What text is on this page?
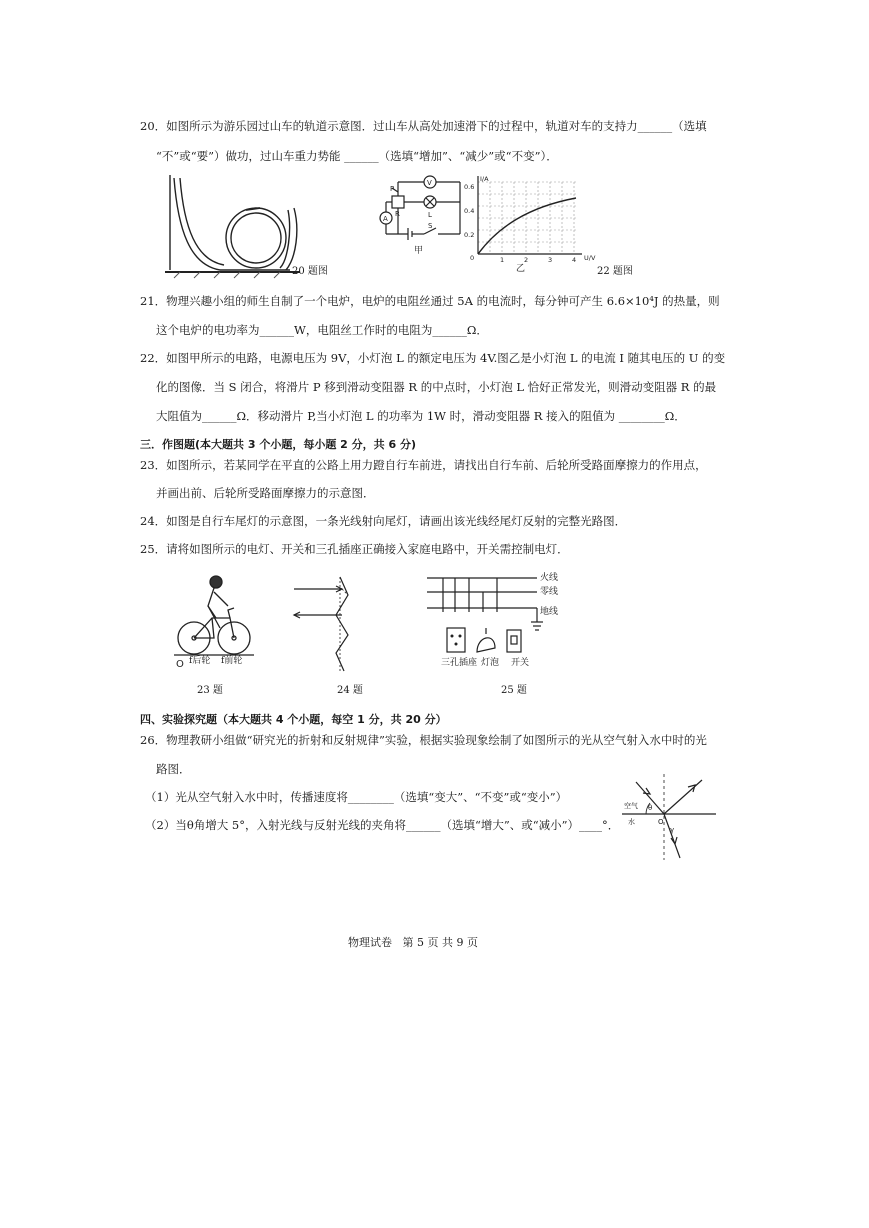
20．如图所示为游乐园过山车的轨道示意图．过山车从高处加速滑下的过程中，轨道对车的支持力______（选填
“不”或“要”）做功，过山车重力势能 ______（选填“增加”、“减少”或“不变”）．
20 题图
P
R
V
L
A
S
甲
I/A
U/V
0.6
0.4
0.2
0	1	2	3	4
乙	22 题图
21．物理兴趣小组的师生自制了一个电炉，电炉的电阻丝通过 5A 的电流时，每分钟可产生 6.6×10⁴J 的热量，则
这个电炉的电功率为______W，电阻丝工作时的电阻为______Ω．
22．如图甲所示的电路，电源电压为 9V，小灯泡 L 的额定电压为 4V.图乙是小灯泡 L 的电流 I 随其电压的 U 的变
化的图像．当 S 闭合，将滑片 P 移到滑动变阻器 R 的中点时，小灯泡 L 恰好正常发光，则滑动变阻器 R 的最
大阻值为______Ω．移动滑片 P,当小灯泡 L 的功率为 1W 时，滑动变阻器 R 接入的阻值为 ________Ω．
三．作图题(本大题共 3 个小题，每小题 2 分，共 6 分)
23．如图所示，若某同学在平直的公路上用力蹬自行车前进，请找出自行车前、后轮所受路面摩擦力的作用点，
并画出前、后轮所受路面摩擦力的示意图．
24．如图是自行车尾灯的示意图，一条光线射向尾灯，请画出该光线经尾灯反射的完整光路图．
25．请将如图所示的电灯、开关和三孔插座正确接入家庭电路中，开关需控制电灯．
O f后轮 f前轮
23 题	24 题
火线
零线
地线
三孔插座 灯泡 开关
25 题
四、实验探究题（本大题共 4 个小题，每空 1 分，共 20 分）
26．物理教研小组做“研究光的折射和反射规律”实验，根据实验现象绘制了如图所示的光从空气射入水中时的光
路图．
（1）光从空气射入水中时，传播速度将________（选填“变大”、“不变”或“变小”）
（2）当θ角增大 5°，入射光线与反射光线的夹角将______（选填“增大”、或“减小”）____°．
空气
水
θ
O
γ
物理试卷   第 5 页 共 9 页
